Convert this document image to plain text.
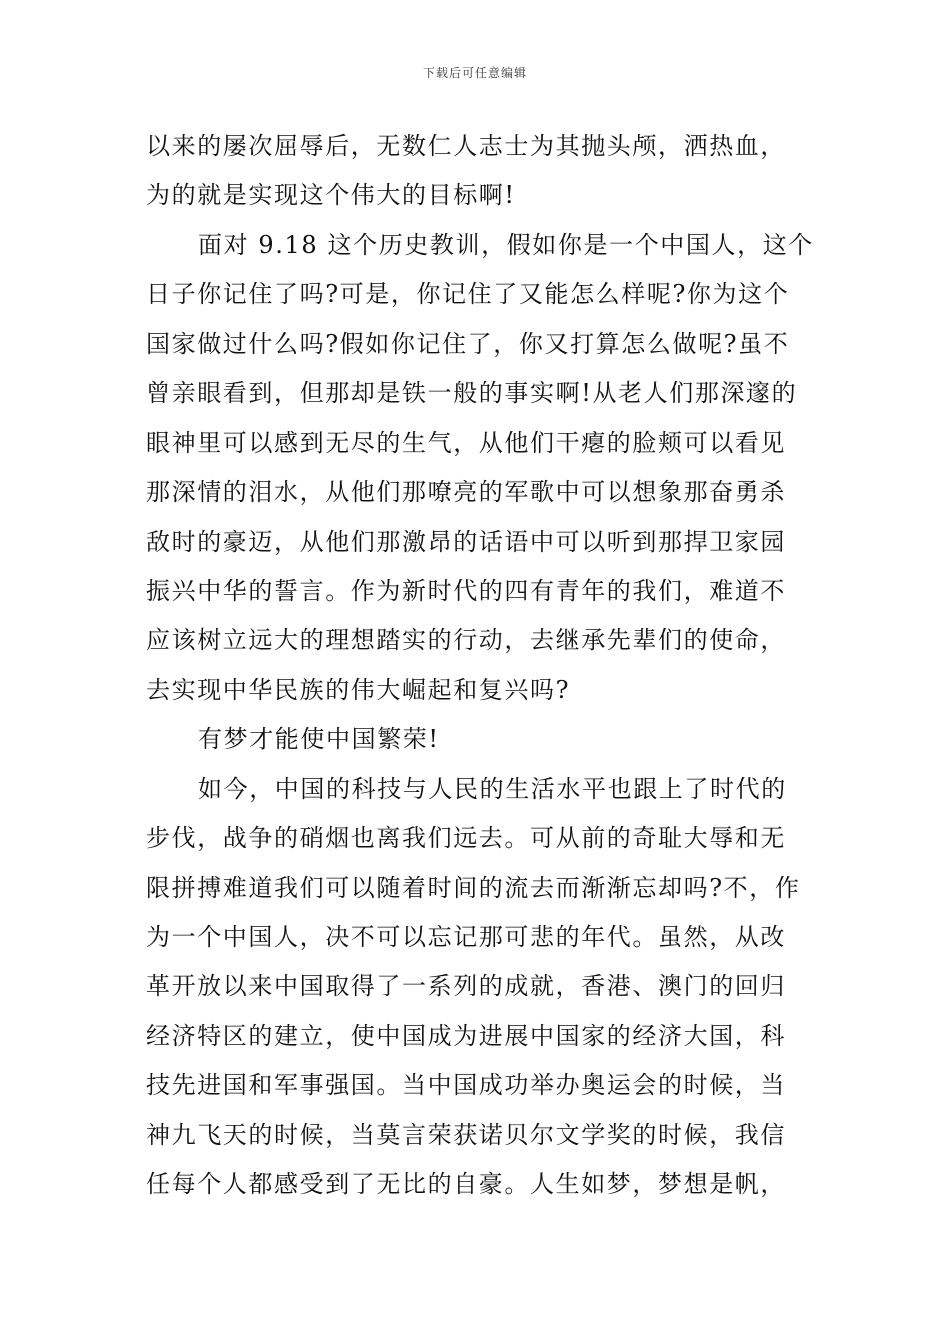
下载后可任意编辑
以来的屡次屈辱后，无数仁人志士为其抛头颅，洒热血，
为的就是实现这个伟大的目标啊!
面对 9.18 这个历史教训，假如你是一个中国人，这个
日子你记住了吗?可是，你记住了又能怎么样呢?你为这个
国家做过什么吗?假如你记住了，你又打算怎么做呢?虽不
曾亲眼看到，但那却是铁一般的事实啊!从老人们那深邃的
眼神里可以感到无尽的生气，从他们干瘪的脸颊可以看见
那深情的泪水，从他们那嘹亮的军歌中可以想象那奋勇杀
敌时的豪迈，从他们那激昂的话语中可以听到那捍卫家园
振兴中华的誓言。作为新时代的四有青年的我们，难道不
应该树立远大的理想踏实的行动，去继承先辈们的使命，
去实现中华民族的伟大崛起和复兴吗?
有梦才能使中国繁荣!
如今，中国的科技与人民的生活水平也跟上了时代的
步伐，战争的硝烟也离我们远去。可从前的奇耻大辱和无
限拼搏难道我们可以随着时间的流去而渐渐忘却吗?不，作
为一个中国人，决不可以忘记那可悲的年代。虽然，从改
革开放以来中国取得了一系列的成就，香港、澳门的回归
经济特区的建立，使中国成为进展中国家的经济大国，科
技先进国和军事强国。当中国成功举办奥运会的时候，当
神九飞天的时候，当莫言荣获诺贝尔文学奖的时候，我信
任每个人都感受到了无比的自豪。人生如梦，梦想是帆，
